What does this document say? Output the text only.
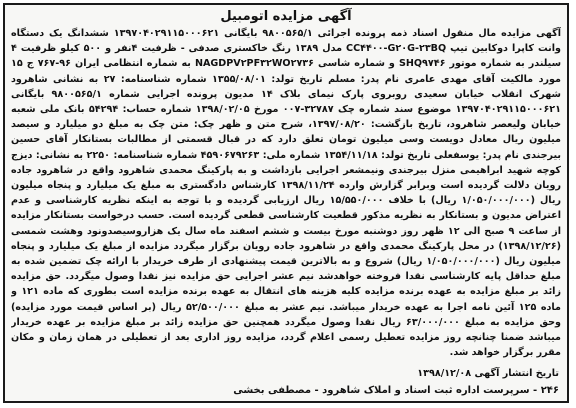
آگهی مزایده اتومبیل

آگهی مزایده مال منقول اسناد ذمه پرونده اجرائی ۹۸۰۰۵۶۵/۱ بایگانی ۱۳۹۷۰۴۰۲۹۱۱۵۰۰۰۶۲۱ ششدانگ یک دستگاه وانت کاپرا دوکابین تیپ CC۴۴۰۰-G۲۰G-۲۳BQ مدل ۱۳۸۹ رنگ خاکستری صدفی - ظرفیت ۴نفر و ۵۰۰ کیلو ظرفیت ۴ سیلندر به شماره موتور SHQ۹۷۴۶ و شماره شاسی NAGDPV۲PF۳۲WO۲۷۳۶ به شماره انتظامی ایران ۹۶-۷۶۷ ج ۱۵ مورد مالکیت آقای مهدی عامری نام پدر: مسلم تاریخ تولد: ۱۳۵۵/۰۸/۰۱ شماره شناسنامه: ۲۷ به نشانی شاهرود شهرک انقلاب خیابان سعیدی روبروی پارک نیمای بلاک ۱۴ مدیون پرونده اجرایی شماره ۹۸۰۰۵۶۵/۱ بایگانی ۱۳۹۷۰۴۰۲۹۱۱۵۰۰۰۶۲۱ موضوع سند شماره چک ۳۲۷۸۷-۰۰۷ مورخ ۱۳۹۸/۰۲/۰۵ شماره حساب: ۵۴۲۹۴ بانک ملی شعبه خیابان ولیعصر شاهرود، تاریخ بازگشت: ۱۳۹۷/۰۸/۲۰، شرح متن و ظهر چک: متن چک به مبلغ دو میلیارد و سیصد میلیون ریال معادل دویست وسی میلیون تومان تعلق دارد که در قبال قسمتی از مطالبات بستانکار آقای حسین بیرجندی نام پدر: یوسفعلی تاریخ تولد: ۱۳۵۴/۱۱/۱۸ شماره ملی: ۴۵۹۰۶۷۹۲۶۳ شماره شناسنامه: ۲۲۵۰ به نشانی: دیزج کوچه شهید ابراهیمی منزل بیرجندی ونیمشعر اجرایی بازداشت و به پارکینگ محمدی شاهرود واقع در شاهرود جاده رویان دلالت گردیده است وبرابر گزارش وارده ۱۳۹۸/۱۱/۲۴ کارشناس دادگستری به مبلغ یک میلیارد و پنجاه میلیون ریال (۱/۰۵۰/۰۰۰/۰۰۰ ریال) با خلاف ۱۵/۵۵۰/۰۰۰ ریال ارزیابی گردیده و با توجه به اینکه نظریه کارشناسی و عدم اعتراض مدیون و بستانکار به نظریه مذکور قطعیت کارشناسی قطعی گردیده است. حسب درخواست بستانکار مزایده از ساعت ۹ صبح الی ۱۲ ظهر روز دوشنبه مورخ بیست و ششم اسفند ماه سال یک هزاروسیصدونود وهشت شمسی (۱۳۹۸/۱۲/۲۶) در محل پارکینگ محمدی واقع در شاهرود جاده رویان برگزار میگردد مزایده از مبلغ یک میلیارد و پنجاه میلیون ریال (۱/۰۵۰/۰۰۰/۰۰۰ ریال) شروع و به بالاترین قیمت پیشنهادی از طرف خریدار با ارائه چک تضمین شده به مبلغ حداقل پایه کارشناسی نقدا فروخته خواهدشد نیم عشر اجرایی حق مزایده نیز نقدا وصول میگردد. حق مزایده زائد بر مبلغ مزایده به عهده برنده مزایده کلیه هزینه های انتقال به عهده برنده مزایده است بطوری که ماده ۱۲۱ و ماده ۱۲۵ آئین نامه اجرا به عهده خریدار میباشد. نیم عشر به مبلغ ۵۲/۵۰۰/۰۰۰ ریال (بر اساس قیمت مورد مزایده) وحق مزایده به مبلغ ۶۳/۰۰۰/۰۰۰ ریال نقدا وصول میگردد همچنین حق مزایده زائد بر مبلغ مزایده بر عهده خریدار میباشد ضمنا چنانچه روز مزایده تعطیل رسمی اعلام گردد، مزایده روز اداری بعد از تعطیلی در همان زمان و مکان مقرر برگزار خواهد شد.

تاریخ انتشار آگهی ۱۳۹۸/۱۲/۰۸
۲۴۶ - سرپرست اداره ثبت اسناد و املاک شاهرود - مصطفی بخشی
